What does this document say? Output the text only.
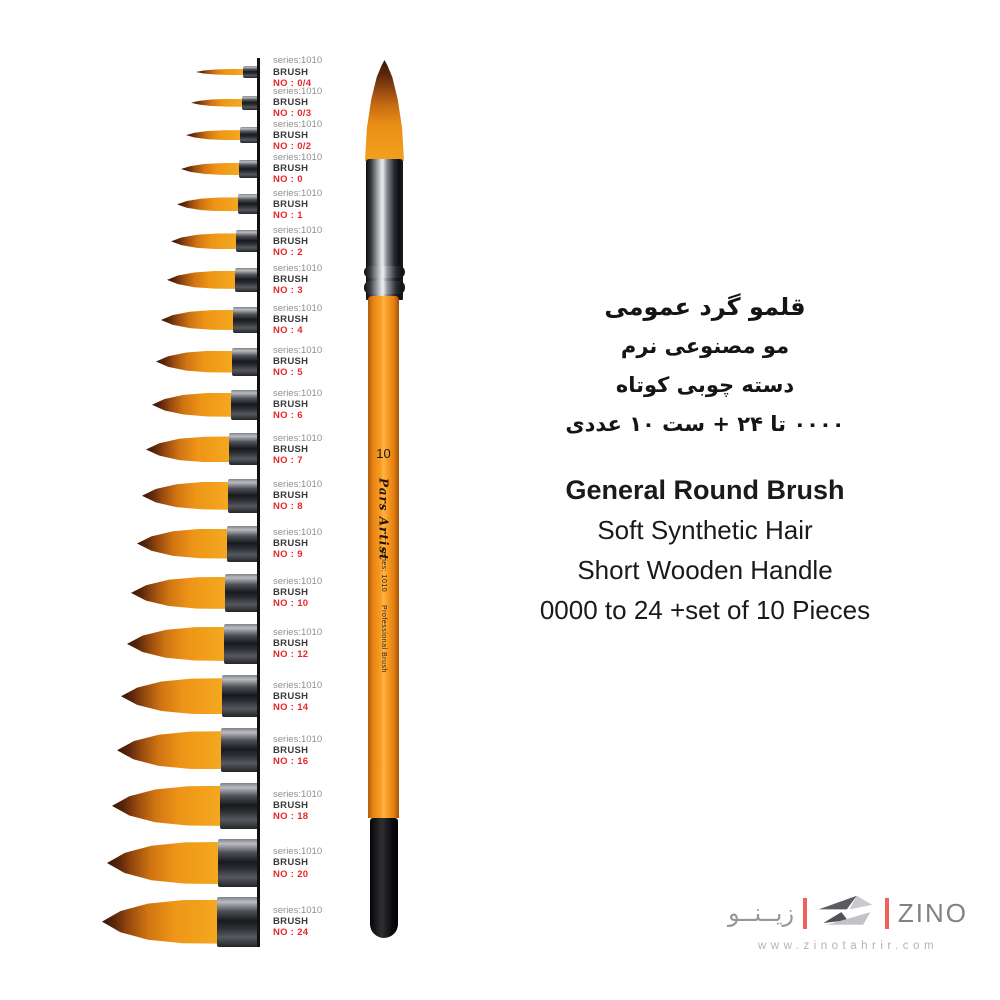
series:1010
BRUSH
NO : 0/4
series:1010
BRUSH
NO : 0/3
series:1010
BRUSH
NO : 0/2
series:1010
BRUSH
NO : 0
series:1010
BRUSH
NO : 1
series:1010
BRUSH
NO : 2
series:1010
BRUSH
NO : 3
series:1010
BRUSH
NO : 4
series:1010
BRUSH
NO : 5
series:1010
BRUSH
NO : 6
series:1010
BRUSH
NO : 7
series:1010
BRUSH
NO : 8
series:1010
BRUSH
NO : 9
series:1010
BRUSH
NO : 10
series:1010
BRUSH
NO : 12
series:1010
BRUSH
NO : 14
series:1010
BRUSH
NO : 16
series:1010
BRUSH
NO : 18
series:1010
BRUSH
NO : 20
series:1010
BRUSH
NO : 24
10
Pars Artist
series: 1010 Professional Brush
قلمو گرد عمومی
مو مصنوعی نرم
دسته چوبی کوتاه
۰۰۰۰ تا ۲۴ + ست ۱۰ عددی
General Round Brush
Soft Synthetic Hair
Short Wooden Handle
0000 to 24 +set of 10 Pieces
زیــنــو	ZINO
www.zinotahrir.com
